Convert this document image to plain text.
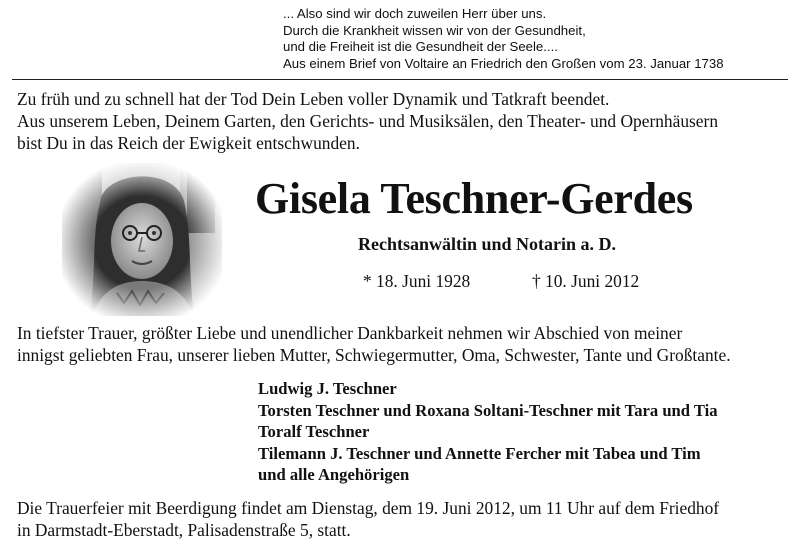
... Also sind wir doch zuweilen Herr über uns.
Durch die Krankheit wissen wir von der Gesundheit,
und die Freiheit ist die Gesundheit der Seele....
Aus einem Brief von Voltaire an Friedrich den Großen vom 23. Januar 1738
Zu früh und zu schnell hat der Tod Dein Leben voller Dynamik und Tatkraft beendet.
Aus unserem Leben, Deinem Garten, den Gerichts- und Musiksälen, den Theater- und Opernhäusern
bist Du in das Reich der Ewigkeit entschwunden.
Gisela Teschner-Gerdes
Rechtsanwältin und Notarin a. D.
* 18. Juni 1928	† 10. Juni 2012
In tiefster Trauer, größter Liebe und unendlicher Dankbarkeit nehmen wir Abschied von meiner
innigst geliebten Frau, unserer lieben Mutter, Schwiegermutter, Oma, Schwester, Tante und Großtante.
Ludwig J. Teschner
Torsten Teschner und Roxana Soltani-Teschner mit Tara und Tia
Toralf Teschner
Tilemann J. Teschner und Annette Fercher mit Tabea und Tim
und alle Angehörigen
Die Trauerfeier mit Beerdigung findet am Dienstag, dem 19. Juni 2012, um 11 Uhr auf dem Friedhof
in Darmstadt-Eberstadt, Palisadenstraße 5, statt.
